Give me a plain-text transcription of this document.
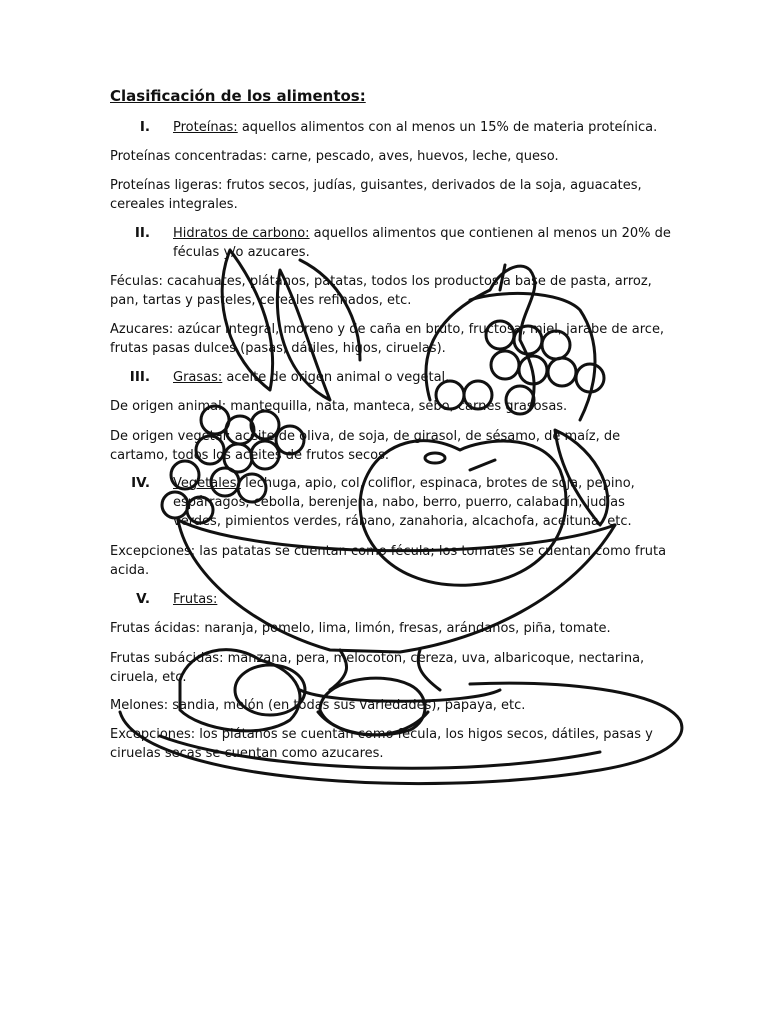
Clasificación de los alimentos:
I. Proteínas: aquellos alimentos con al menos un 15% de materia proteínica.
Proteínas concentradas: carne, pescado, aves, huevos, leche, queso.
Proteínas ligeras: frutos secos, judías, guisantes, derivados de la soja, aguacates, cereales integrales.
II. Hidratos de carbono: aquellos alimentos que contienen al menos un 20% de féculas y/o azucares.
Féculas: cacahuates, plátanos, patatas, todos los productos a base de pasta, arroz, pan, tartas y pasteles, cereales refinados, etc.
Azucares: azúcar integral, moreno y de caña en bruto, fructosa, miel, jarabe de arce, frutas pasas dulces (pasas, dátiles, higos, ciruelas).
III. Grasas: aceite de origen animal o vegetal.
De origen animal: mantequilla, nata, manteca, sebo, carnes grasosas.
De origen vegetal: aceite de oliva, de soja, de girasol, de sésamo, de maíz, de cartamo, todos los aceites de frutos secos.
IV. Vegetales: lechuga, apio, col, coliflor, espinaca, brotes de soja, pepino, espárragos, cebolla, berenjena, nabo, berro, puerro, calabacín, judías verdes, pimientos verdes, rábano, zanahoria, alcachofa, aceituna, etc.
Excepciones: las patatas se cuentan como fécula; los tomates se cuentan como fruta acida.
V. Frutas:
Frutas ácidas: naranja, pomelo, lima, limón, fresas, arándanos, piña, tomate.
Frutas subácidas: manzana, pera, melocotón, cereza, uva, albaricoque, nectarina, ciruela, etc.
Melones: sandia, melón (en todas sus variedades), papaya, etc.
Excepciones: los plátanos se cuentan como fécula, los higos secos, dátiles, pasas y ciruelas secas se cuentan como azucares.
